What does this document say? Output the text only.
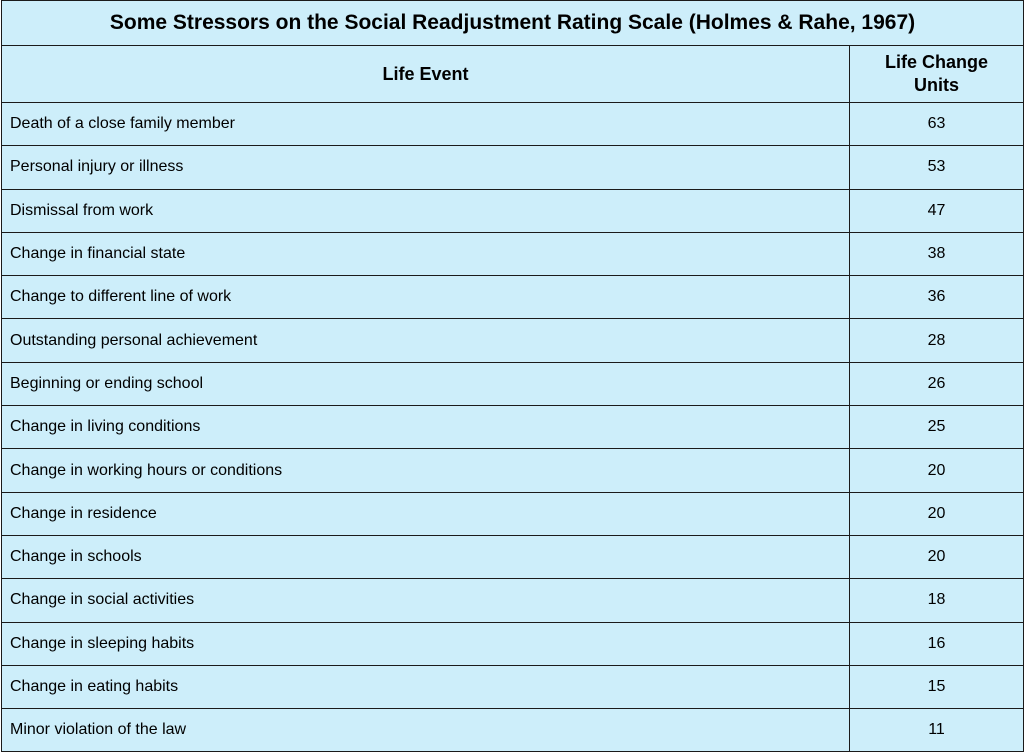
Some Stressors on the Social Readjustment Rating Scale (Holmes & Rahe, 1967)	
Life Event	Life Change
Units
Death of a close family member	63
Personal injury or illness	53
Dismissal from work	47
Change in financial state	38
Change to different line of work	36
Outstanding personal achievement	28
Beginning or ending school	26
Change in living conditions	25
Change in working hours or conditions	20
Change in residence	20
Change in schools	20
Change in social activities	18
Change in sleeping habits	16
Change in eating habits	15
Minor violation of the law	11
